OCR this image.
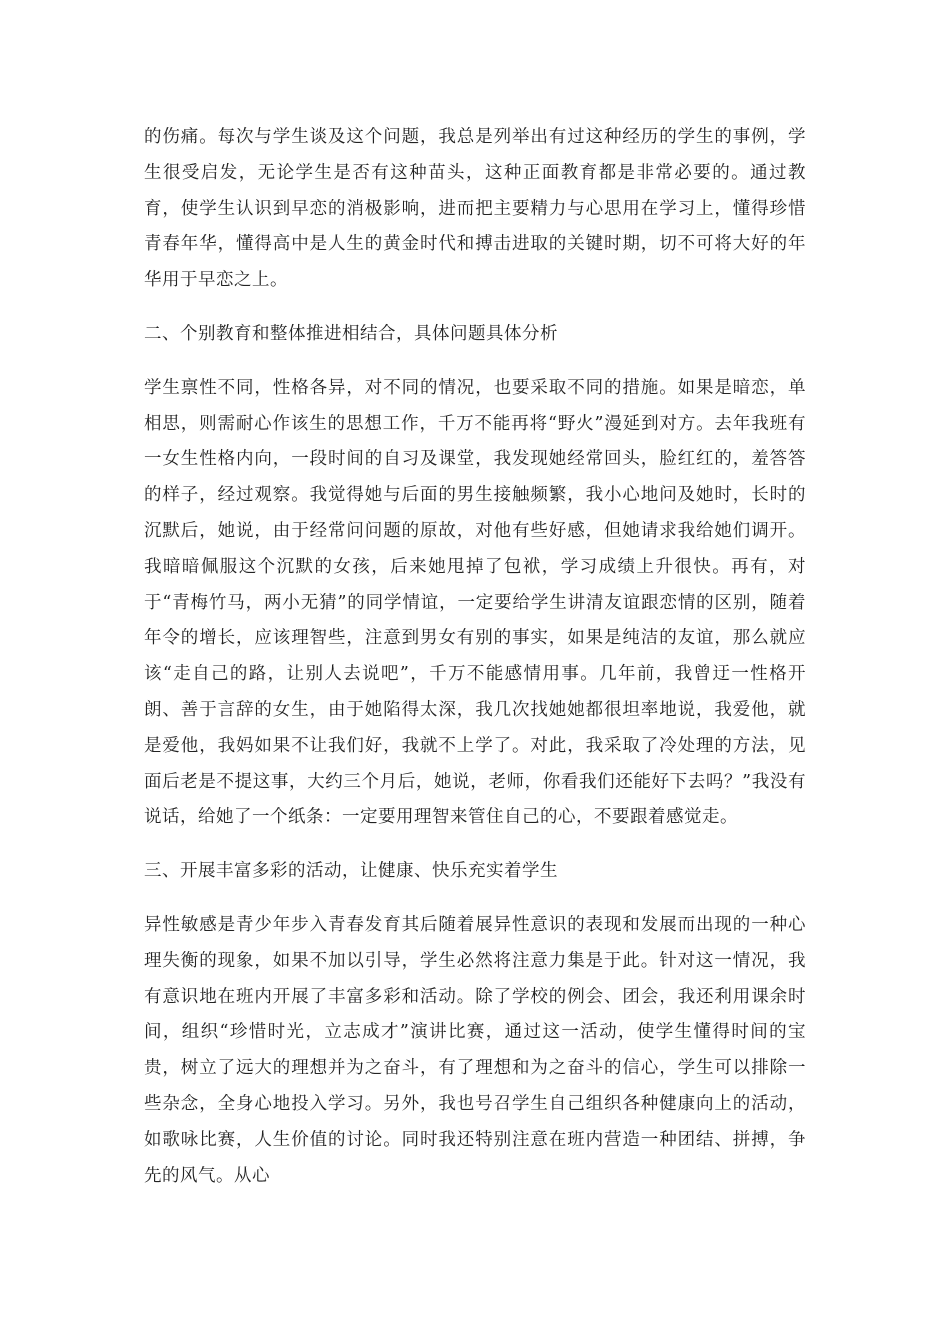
的伤痛。每次与学生谈及这个问题，我总是列举出有过这种经历的学生的事例，学生很受启发，无论学生是否有这种苗头，这种正面教育都是非常必要的。通过教育，使学生认识到早恋的消极影响，进而把主要精力与心思用在学习上，懂得珍惜青春年华，懂得高中是人生的黄金时代和搏击进取的关键时期，切不可将大好的年华用于早恋之上。

二、个别教育和整体推进相结合，具体问题具体分析

学生禀性不同，性格各异，对不同的情况，也要采取不同的措施。如果是暗恋，单相思，则需耐心作该生的思想工作，千万不能再将“野火”漫延到对方。去年我班有一女生性格内向，一段时间的自习及课堂，我发现她经常回头，脸红红的，羞答答的样子，经过观察。我觉得她与后面的男生接触频繁，我小心地问及她时，长时的沉默后，她说，由于经常问问题的原故，对他有些好感，但她请求我给她们调开。我暗暗佩服这个沉默的女孩，后来她甩掉了包袱，学习成绩上升很快。再有，对于“青梅竹马，两小无猜”的同学情谊，一定要给学生讲清友谊跟恋情的区别，随着年令的增长，应该理智些，注意到男女有别的事实，如果是纯洁的友谊，那么就应该“走自己的路，让别人去说吧”，千万不能感情用事。几年前，我曾迂一性格开朗、善于言辞的女生，由于她陷得太深，我几次找她她都很坦率地说，我爱他，就是爱他，我妈如果不让我们好，我就不上学了。对此，我采取了冷处理的方法，见面后老是不提这事，大约三个月后，她说，老师，你看我们还能好下去吗？”我没有说话，给她了一个纸条：一定要用理智来管住自己的心，不要跟着感觉走。

三、开展丰富多彩的活动，让健康、快乐充实着学生

异性敏感是青少年步入青春发育其后随着展异性意识的表现和发展而出现的一种心理失衡的现象，如果不加以引导，学生必然将注意力集是于此。针对这一情况，我有意识地在班内开展了丰富多彩和活动。除了学校的例会、团会，我还利用课余时间，组织“珍惜时光，立志成才”演讲比赛，通过这一活动，使学生懂得时间的宝贵，树立了远大的理想并为之奋斗，有了理想和为之奋斗的信心，学生可以排除一些杂念，全身心地投入学习。另外，我也号召学生自己组织各种健康向上的活动，如歌咏比赛，人生价值的讨论。同时我还特别注意在班内营造一种团结、拼搏，争先的风气。从心
